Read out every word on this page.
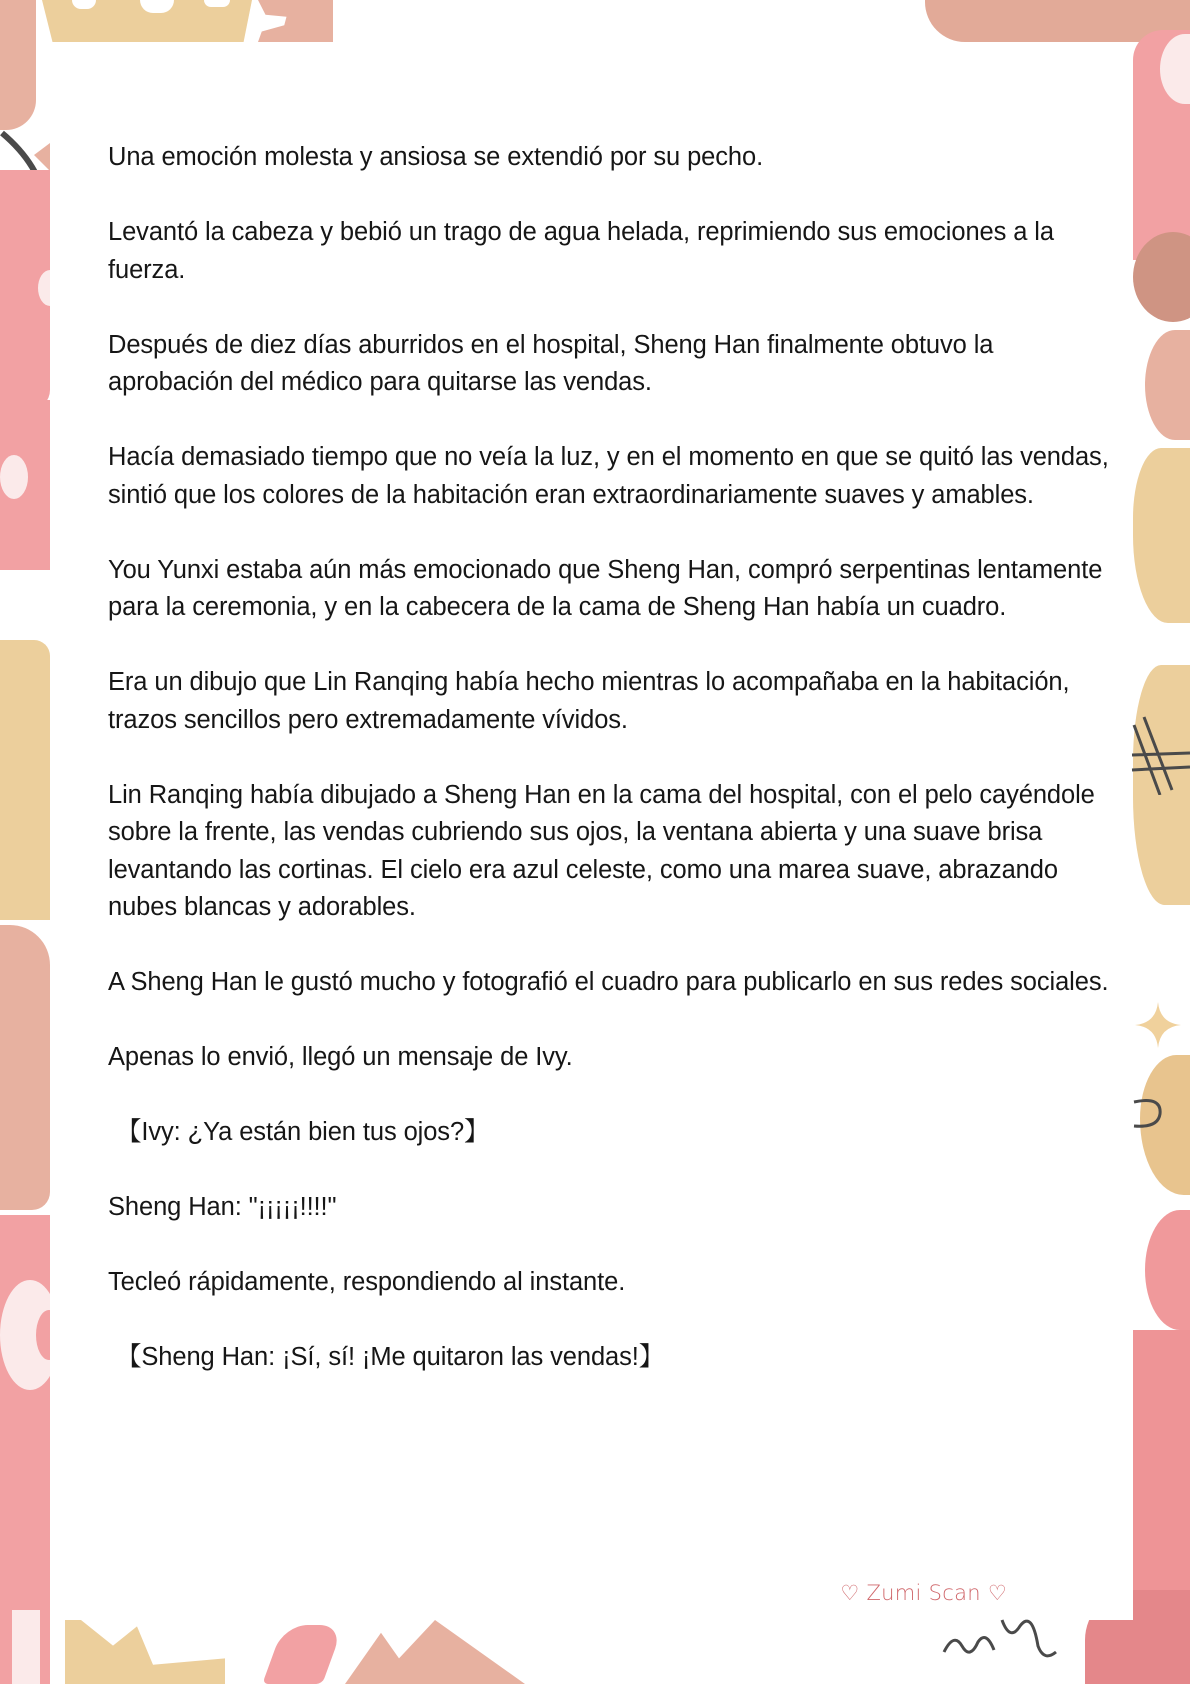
Una emoción molesta y ansiosa se extendió por su pecho.

Levantó la cabeza y bebió un trago de agua helada, reprimiendo sus emociones a la fuerza.

Después de diez días aburridos en el hospital, Sheng Han finalmente obtuvo la aprobación del médico para quitarse las vendas.

Hacía demasiado tiempo que no veía la luz, y en el momento en que se quitó las vendas, sintió que los colores de la habitación eran extraordinariamente suaves y amables.

You Yunxi estaba aún más emocionado que Sheng Han, compró serpentinas lentamente para la ceremonia, y en la cabecera de la cama de Sheng Han había un cuadro.

Era un dibujo que Lin Ranqing había hecho mientras lo acompañaba en la habitación, trazos sencillos pero extremadamente vívidos.

Lin Ranqing había dibujado a Sheng Han en la cama del hospital, con el pelo cayéndole sobre la frente, las vendas cubriendo sus ojos, la ventana abierta y una suave brisa levantando las cortinas. El cielo era azul celeste, como una marea suave, abrazando nubes blancas y adorables.

A Sheng Han le gustó mucho y fotografió el cuadro para publicarlo en sus redes sociales.

Apenas lo envió, llegó un mensaje de Ivy.

【Ivy: ¿Ya están bien tus ojos?】

Sheng Han: "¡¡¡¡¡!!!!"

Tecleó rápidamente, respondiendo al instante.

【Sheng Han: ¡Sí, sí! ¡Me quitaron las vendas!】

♡ Zumi Scan ♡
